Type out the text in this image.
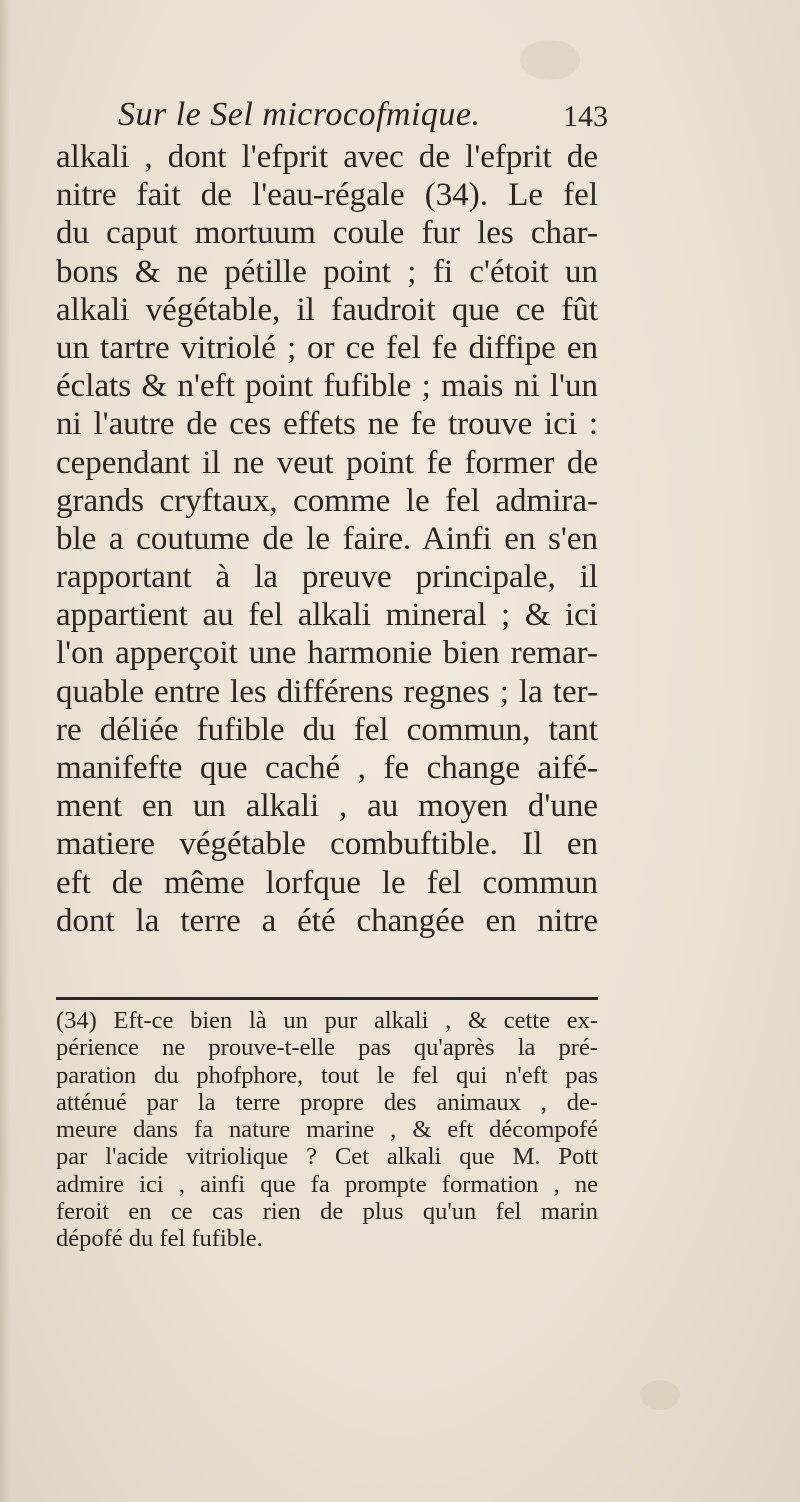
Sur le Sel microcofmique.	143
alkali , dont l'efprit avec de l'efprit de
nitre fait de l'eau-régale (34). Le fel
du caput mortuum coule fur les char-
bons & ne pétille point ; fi c'étoit un
alkali végétable, il faudroit que ce fût
un tartre vitriolé ; or ce fel fe diffipe en
éclats & n'eft point fufible ; mais ni l'un
ni l'autre de ces effets ne fe trouve ici :
cependant il ne veut point fe former de
grands cryftaux, comme le fel admira-
ble a coutume de le faire. Ainfi en s'en
rapportant à la preuve principale, il
appartient au fel alkali mineral ; & ici
l'on apperçoit une harmonie bien remar-
quable entre les différens regnes ; la ter-
re déliée fufible du fel commun, tant
manifefte que caché , fe change aifé-
ment en un alkali , au moyen d'une
matiere végétable combuftible. Il en
eft de même lorfque le fel commun
dont la terre a été changée en nitre
(34) Eft-ce bien là un pur alkali , & cette ex-
périence ne prouve-t-elle pas qu'après la pré-
paration du phofphore, tout le fel qui n'eft pas
atténué par la terre propre des animaux , de-
meure dans fa nature marine , & eft décompofé
par l'acide vitriolique ? Cet alkali que M. Pott
admire ici , ainfi que fa prompte formation , ne
feroit en ce cas rien de plus qu'un fel marin
dépofé du fel fufible.
